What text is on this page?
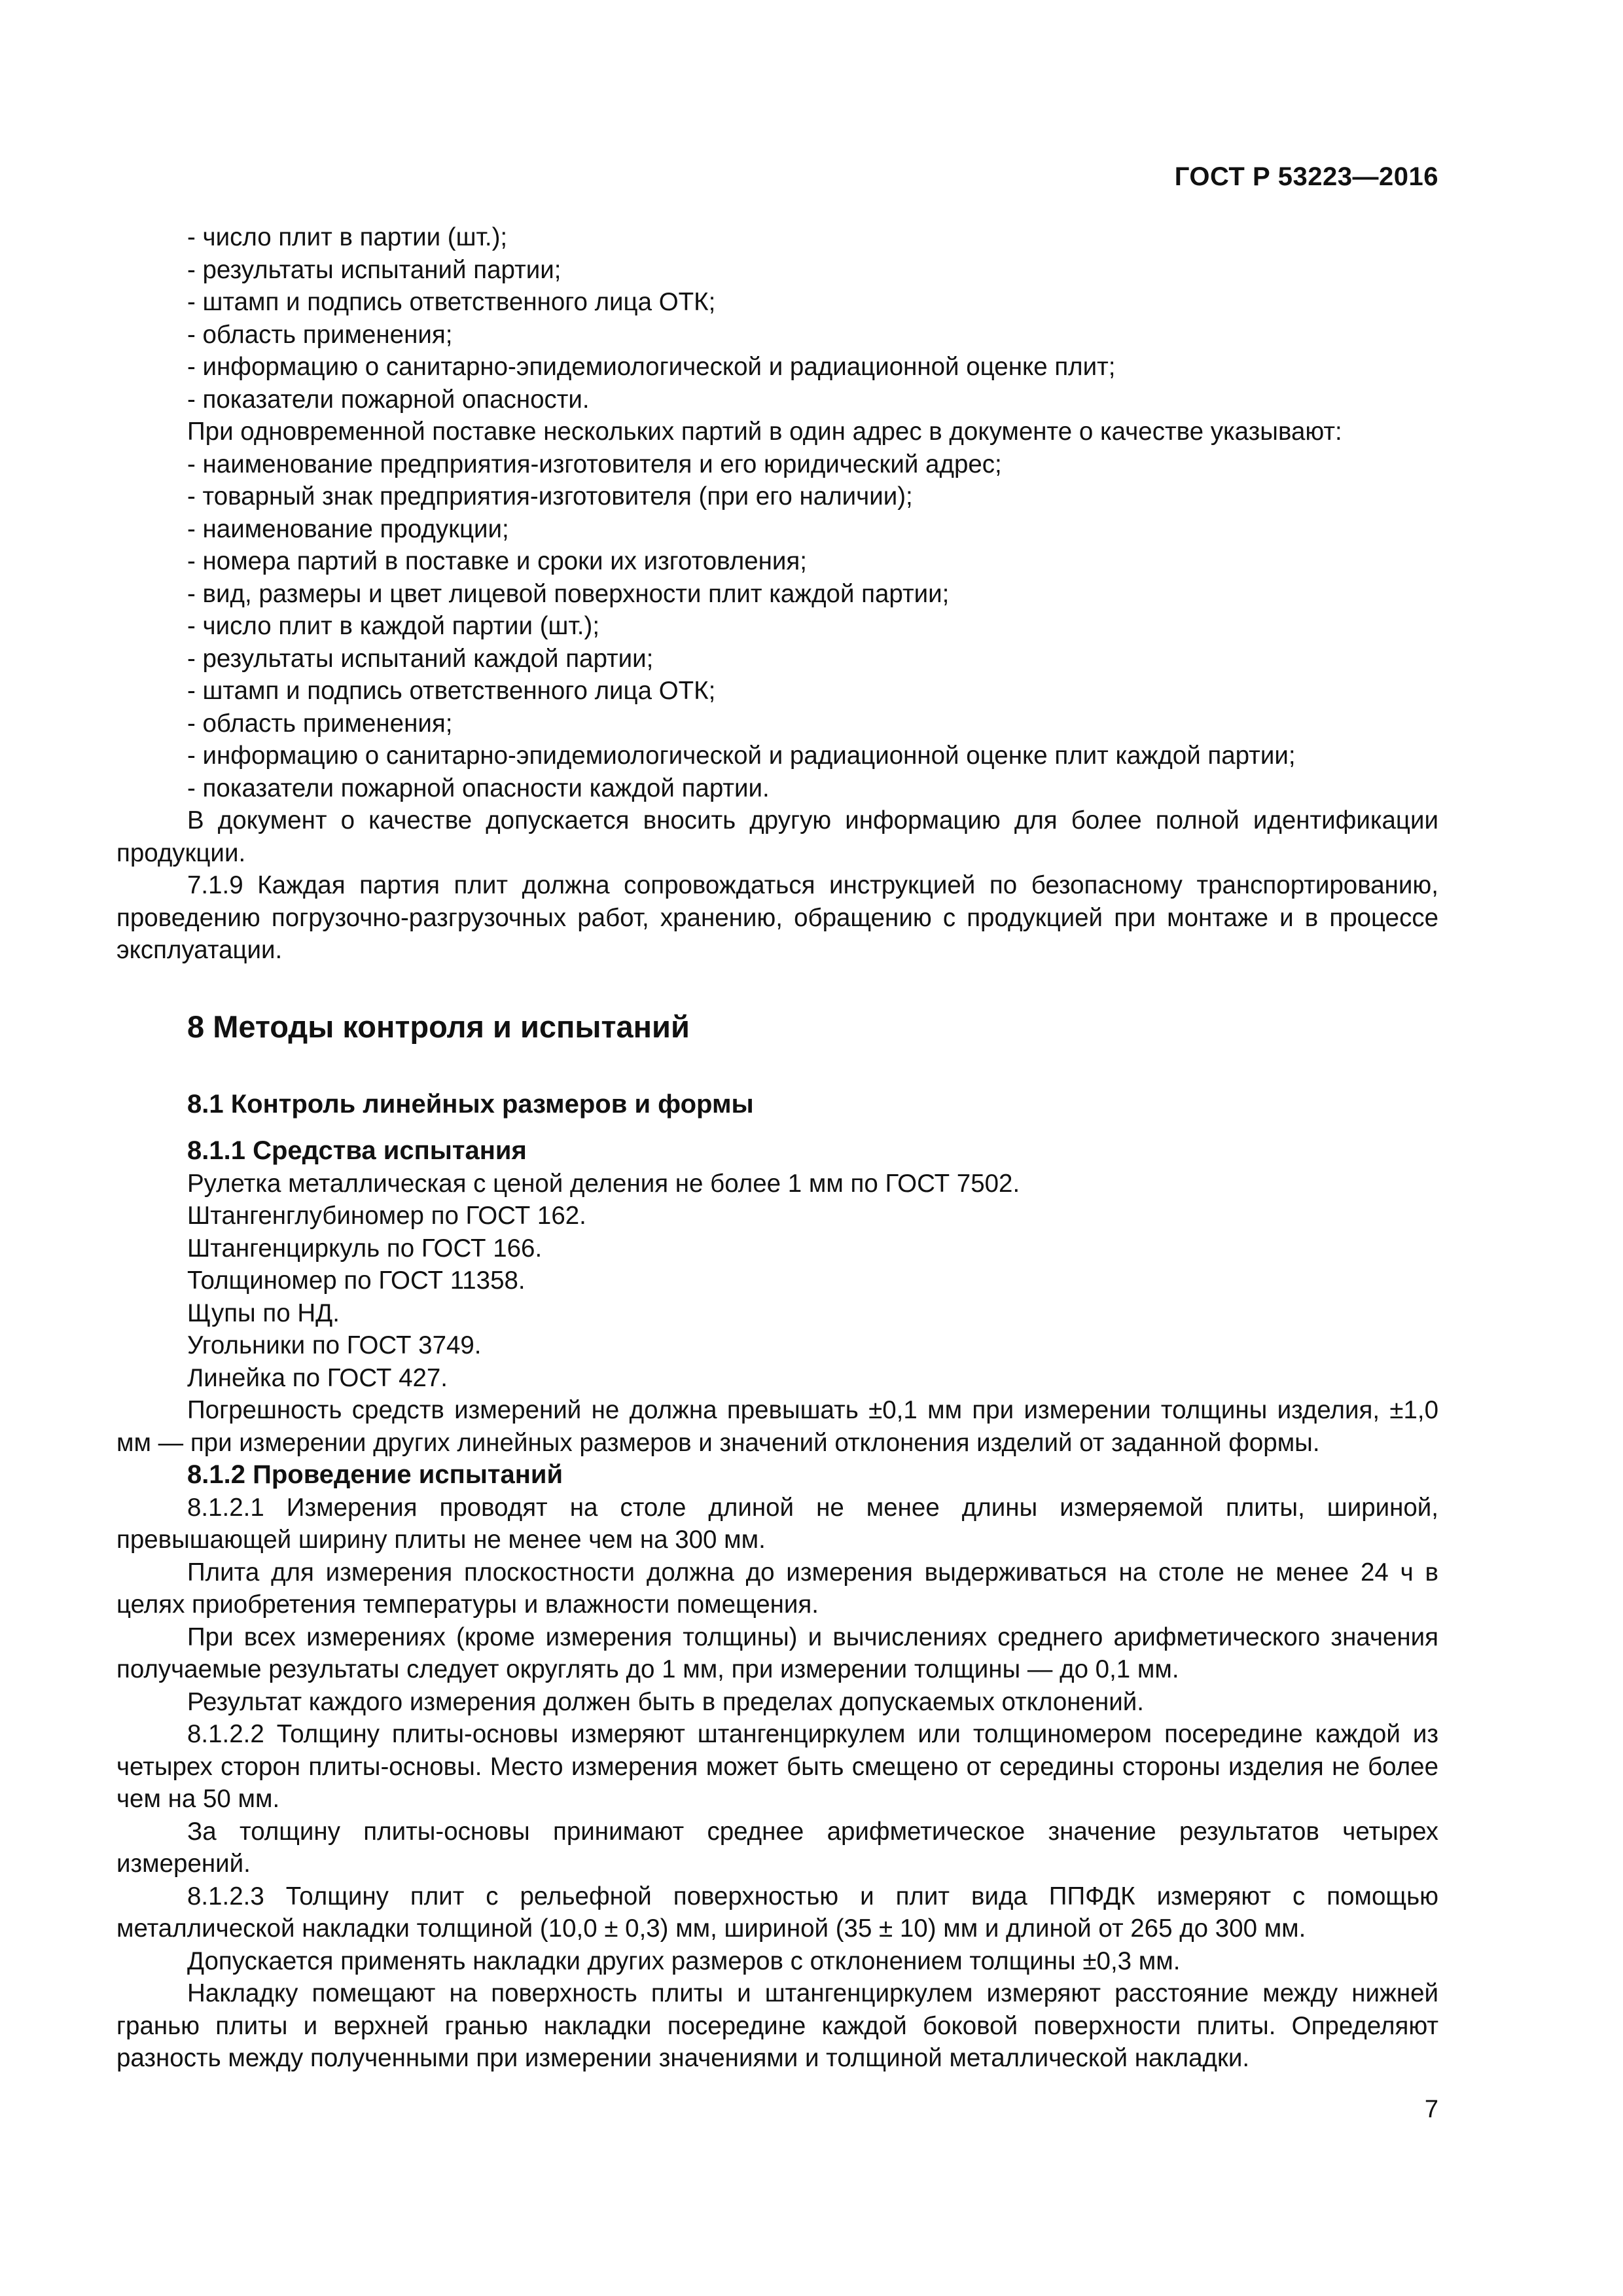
ГОСТ Р 53223—2016
- число плит в партии (шт.);
- результаты испытаний партии;
- штамп и подпись ответственного лица ОТК;
- область применения;
- информацию о санитарно-эпидемиологической и радиационной оценке плит;
- показатели пожарной опасности.
При одновременной поставке нескольких партий в один адрес в документе о качестве указывают:
- наименование предприятия-изготовителя и его юридический адрес;
- товарный знак предприятия-изготовителя (при его наличии);
- наименование продукции;
- номера партий в поставке и сроки их изготовления;
- вид, размеры и цвет лицевой поверхности плит каждой партии;
- число плит в каждой партии (шт.);
- результаты испытаний каждой партии;
- штамп и подпись ответственного лица ОТК;
- область применения;
- информацию о санитарно-эпидемиологической и радиационной оценке плит каждой партии;
- показатели пожарной опасности каждой партии.
В документ о качестве допускается вносить другую информацию для более полной идентификации продукции.
7.1.9 Каждая партия плит должна сопровождаться инструкцией по безопасному транспортированию, проведению погрузочно-разгрузочных работ, хранению, обращению с продукцией при монтаже и в процессе эксплуатации.
8 Методы контроля и испытаний
8.1 Контроль линейных размеров и формы
8.1.1 Средства испытания
Рулетка металлическая с ценой деления не более 1 мм по ГОСТ 7502.
Штангенглубиномер по ГОСТ 162.
Штангенциркуль по ГОСТ 166.
Толщиномер по ГОСТ 11358.
Щупы по НД.
Угольники по ГОСТ 3749.
Линейка по ГОСТ 427.
Погрешность средств измерений не должна превышать ±0,1 мм при измерении толщины изделия, ±1,0 мм — при измерении других линейных размеров и значений отклонения изделий от заданной формы.
8.1.2 Проведение испытаний
8.1.2.1 Измерения проводят на столе длиной не менее длины измеряемой плиты, шириной, превышающей ширину плиты не менее чем на 300 мм.
Плита для измерения плоскостности должна до измерения выдерживаться на столе не менее 24 ч в целях приобретения температуры и влажности помещения.
При всех измерениях (кроме измерения толщины) и вычислениях среднего арифметического значения получаемые результаты следует округлять до 1 мм, при измерении толщины — до 0,1 мм.
Результат каждого измерения должен быть в пределах допускаемых отклонений.
8.1.2.2 Толщину плиты-основы измеряют штангенциркулем или толщиномером посередине каждой из четырех сторон плиты-основы. Место измерения может быть смещено от середины стороны изделия не более чем на 50 мм.
За толщину плиты-основы принимают среднее арифметическое значение результатов четырех измерений.
8.1.2.3 Толщину плит с рельефной поверхностью и плит вида ППФДК измеряют с помощью металлической накладки толщиной (10,0 ± 0,3) мм, шириной (35 ± 10) мм и длиной от 265 до 300 мм.
Допускается применять накладки других размеров с отклонением толщины ±0,3 мм.
Накладку помещают на поверхность плиты и штангенциркулем измеряют расстояние между нижней гранью плиты и верхней гранью накладки посередине каждой боковой поверхности плиты. Определяют разность между полученными при измерении значениями и толщиной металлической накладки.
7
